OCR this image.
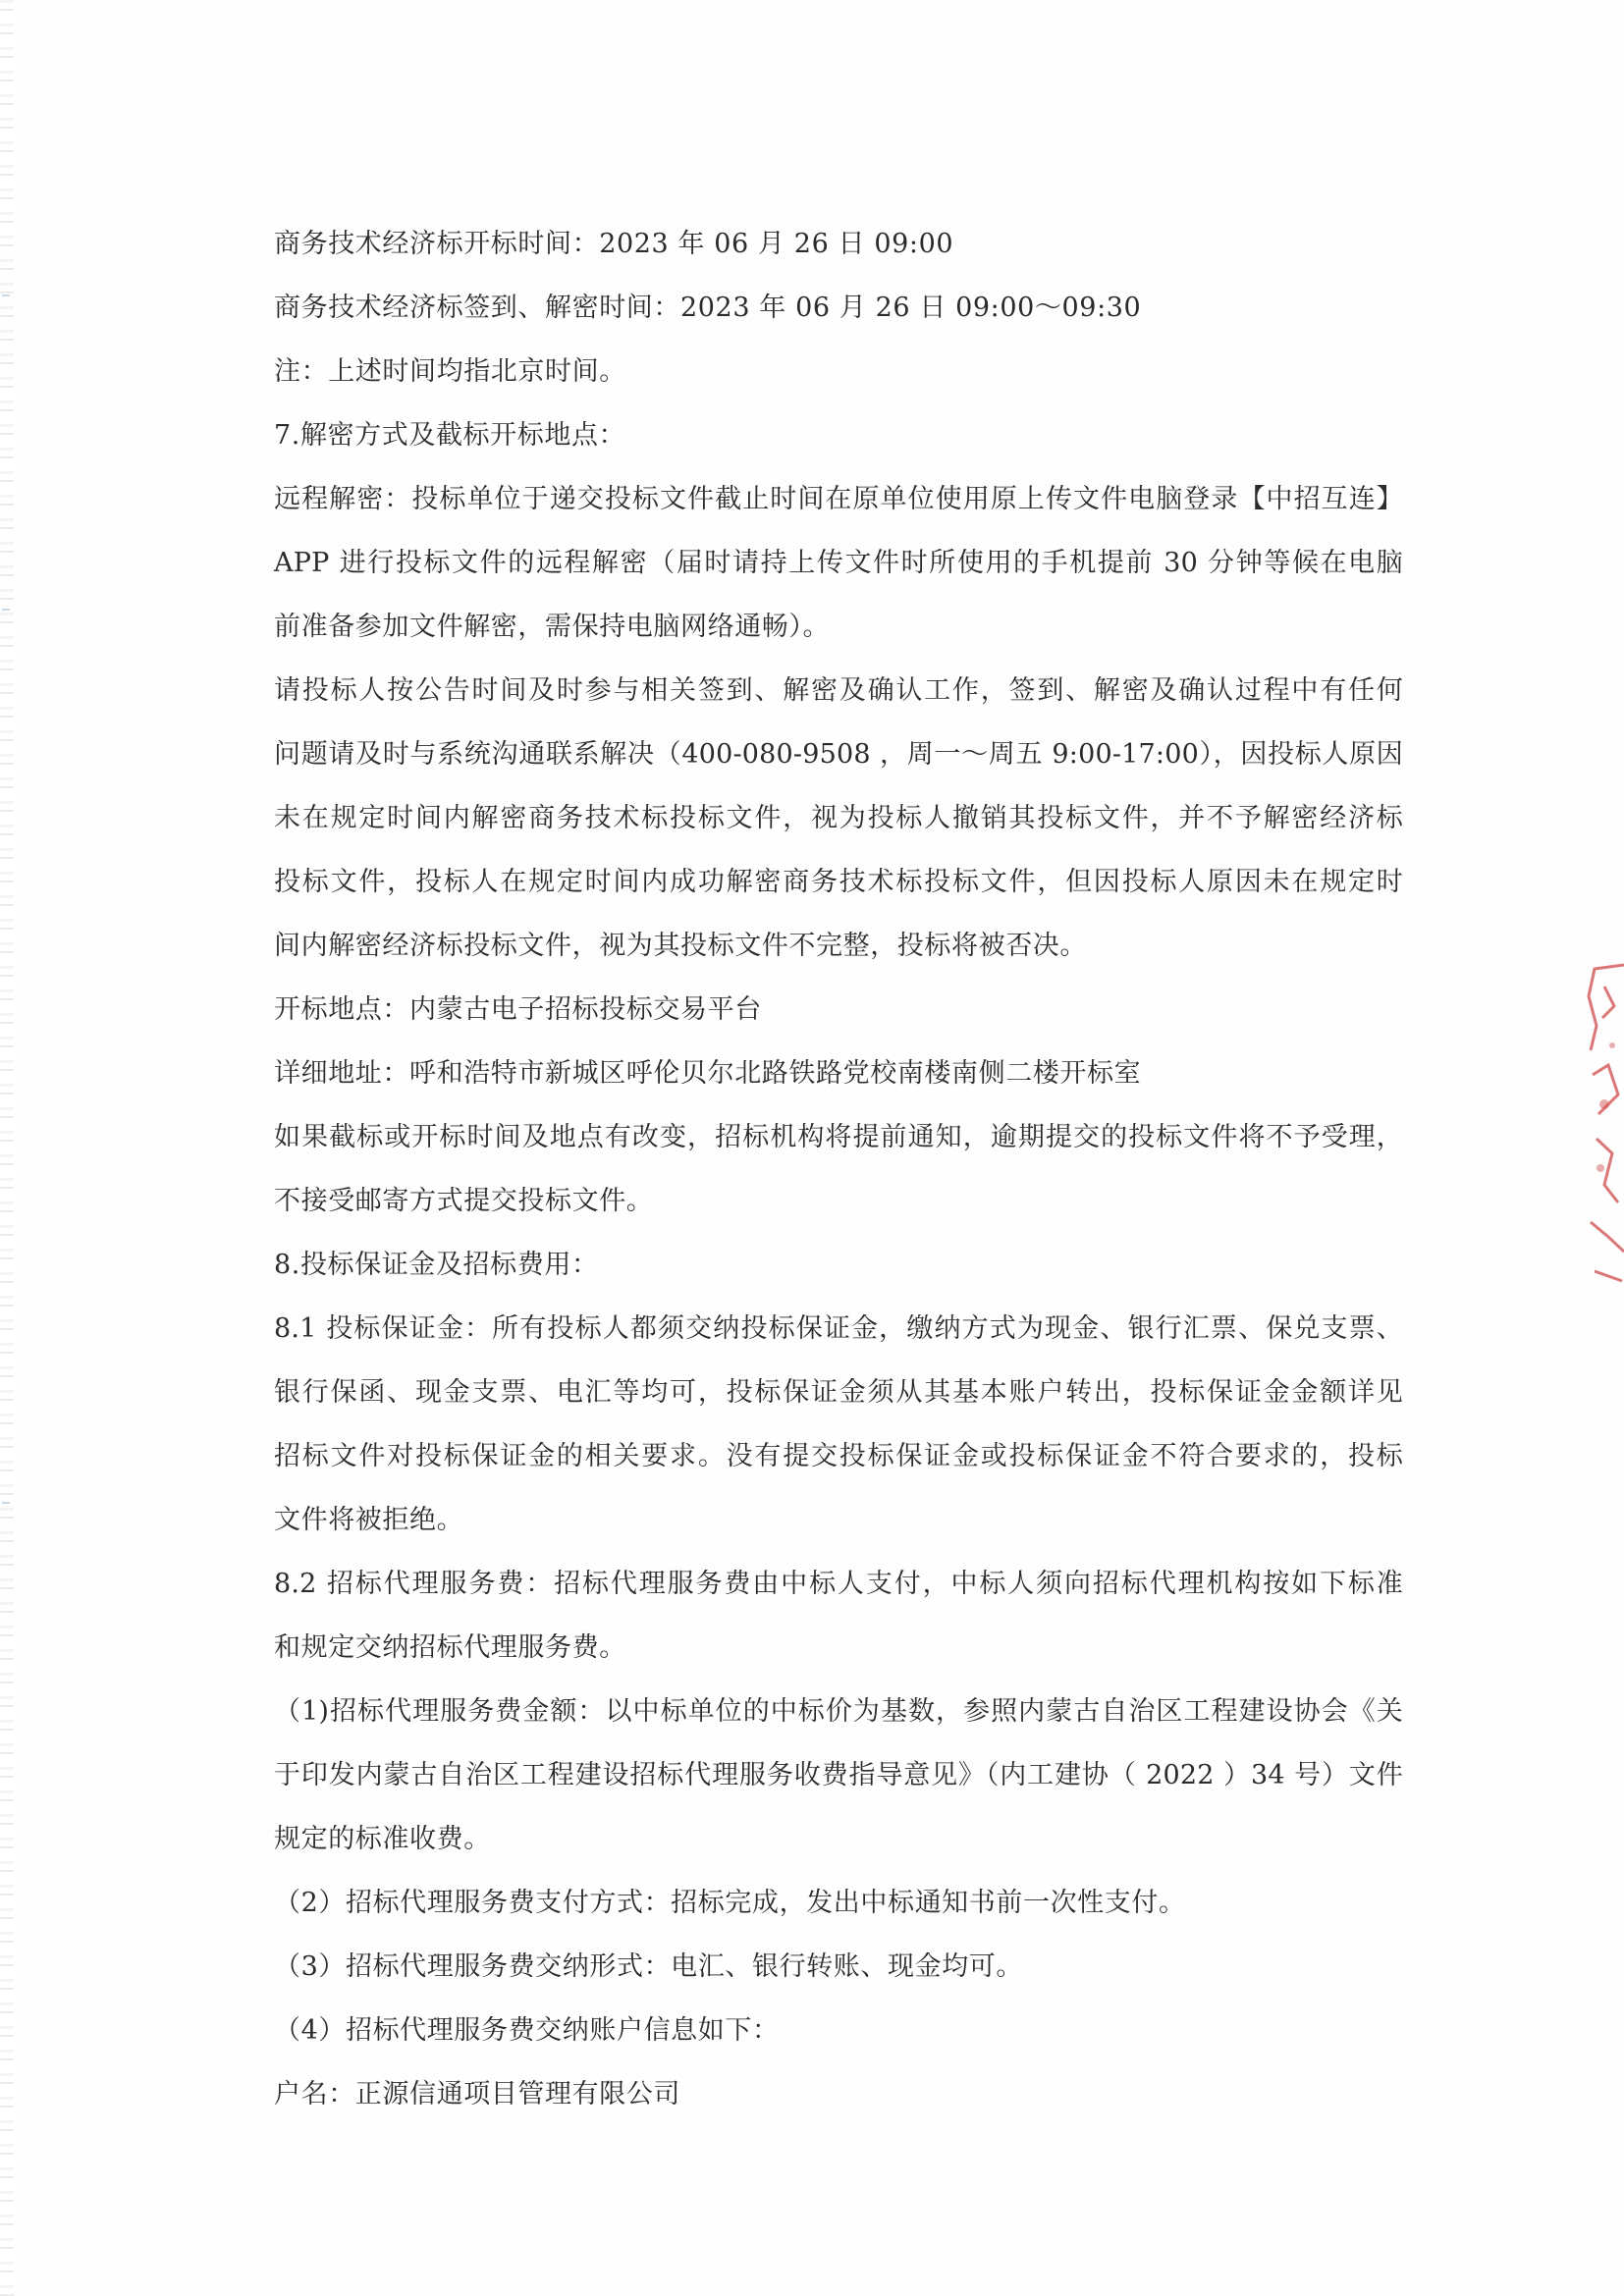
商务技术经济标开标时间：2023 年 06 月 26 日 09:00
商务技术经济标签到、解密时间：2023 年 06 月 26 日 09:00～09:30
注：上述时间均指北京时间。
7.解密方式及截标开标地点：
远程解密：投标单位于递交投标文件截止时间在原单位使用原上传文件电脑登录【中招互连】
APP 进行投标文件的远程解密（届时请持上传文件时所使用的手机提前 30 分钟等候在电脑
前准备参加文件解密，需保持电脑网络通畅）。
请投标人按公告时间及时参与相关签到、解密及确认工作，签到、解密及确认过程中有任何
问题请及时与系统沟通联系解决（400-080-9508 ，周一～周五 9:00-17:00），因投标人原因
未在规定时间内解密商务技术标投标文件，视为投标人撤销其投标文件，并不予解密经济标
投标文件，投标人在规定时间内成功解密商务技术标投标文件，但因投标人原因未在规定时
间内解密经济标投标文件，视为其投标文件不完整，投标将被否决。
开标地点：内蒙古电子招标投标交易平台
详细地址：呼和浩特市新城区呼伦贝尔北路铁路党校南楼南侧二楼开标室
如果截标或开标时间及地点有改变，招标机构将提前通知，逾期提交的投标文件将不予受理，
不接受邮寄方式提交投标文件。
8.投标保证金及招标费用：
8.1 投标保证金：所有投标人都须交纳投标保证金，缴纳方式为现金、银行汇票、保兑支票、
银行保函、现金支票、电汇等均可，投标保证金须从其基本账户转出，投标保证金金额详见
招标文件对投标保证金的相关要求。没有提交投标保证金或投标保证金不符合要求的，投标
文件将被拒绝。
8.2 招标代理服务费：招标代理服务费由中标人支付，中标人须向招标代理机构按如下标准
和规定交纳招标代理服务费。
（1)招标代理服务费金额：以中标单位的中标价为基数，参照内蒙古自治区工程建设协会《关
于印发内蒙古自治区工程建设招标代理服务收费指导意见》（内工建协（ 2022 ）34 号）文件
规定的标准收费。
（2）招标代理服务费支付方式：招标完成，发出中标通知书前一次性支付。
（3）招标代理服务费交纳形式：电汇、银行转账、现金均可。
（4）招标代理服务费交纳账户信息如下：
户名：正源信通项目管理有限公司
